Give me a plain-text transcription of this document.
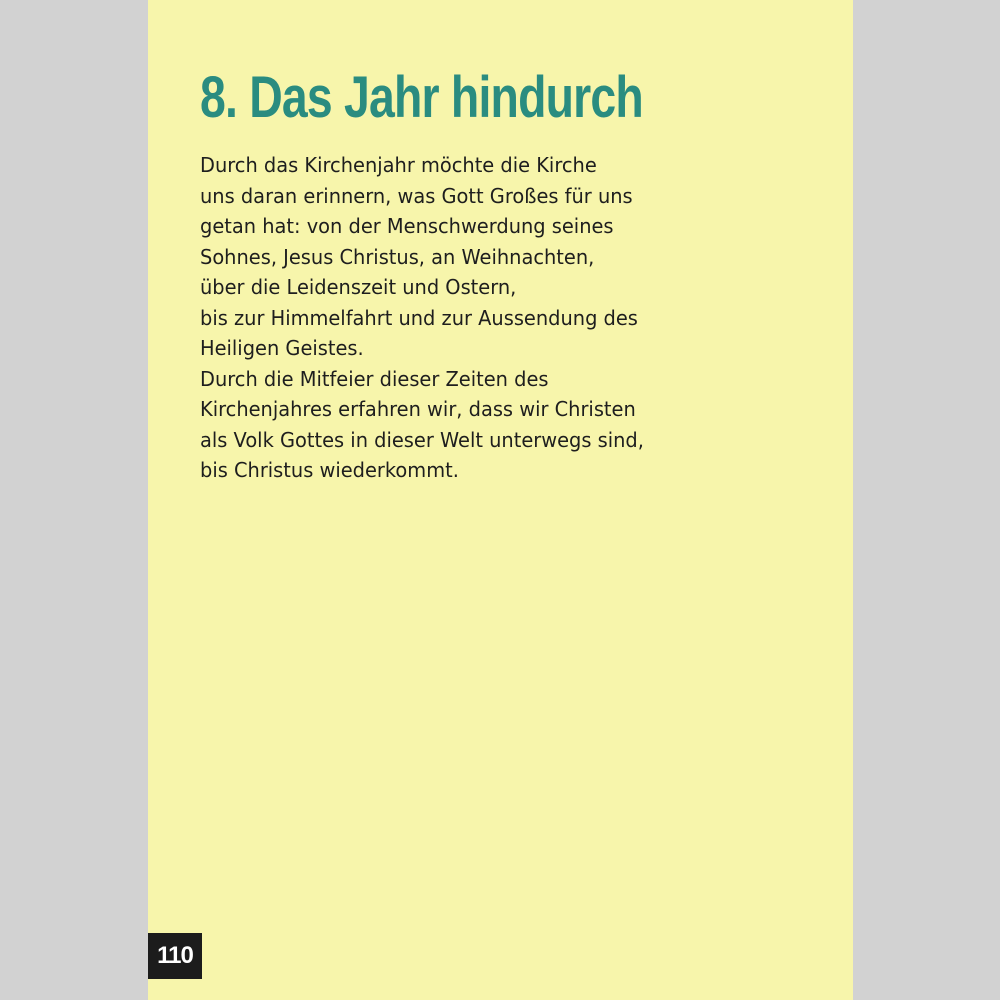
8. Das Jahr hindurch
Durch das Kirchenjahr möchte die Kirche
uns daran erinnern, was Gott Großes für uns
getan hat: von der Menschwerdung seines
Sohnes, Jesus Christus, an Weihnachten,
über die Leidenszeit und Ostern,
bis zur Himmelfahrt und zur Aussendung des
Heiligen Geistes.
Durch die Mitfeier dieser Zeiten des
Kirchenjahres erfahren wir, dass wir Christen
als Volk Gottes in dieser Welt unterwegs sind,
bis Christus wiederkommt.
110
